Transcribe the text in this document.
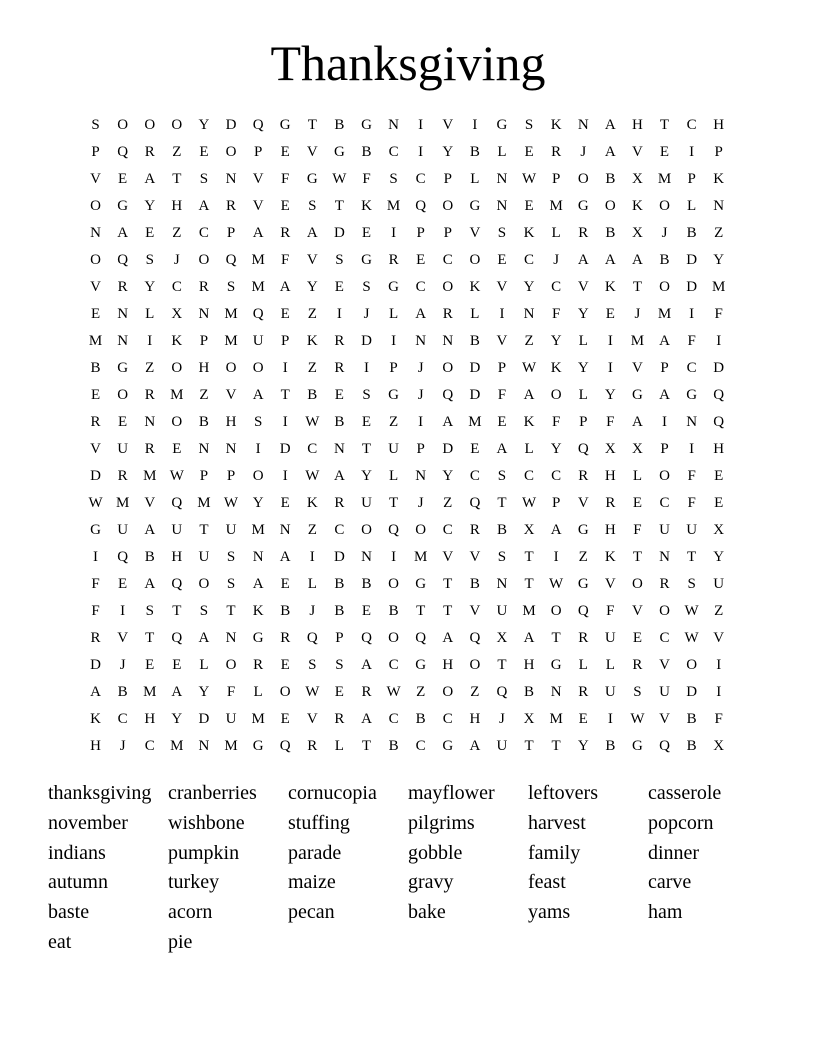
Thanksgiving
S	O	O	O	Y	D	Q	G	T	B	G	N	I	V	I	G	S	K	N	A	H	T	C	H
P	Q	R	Z	E	O	P	E	V	G	B	C	I	Y	B	L	E	R	J	A	V	E	I	P
V	E	A	T	S	N	V	F	G W	F	S	C	P	L	N W	P	O	B	X	M	P	K
O	G	Y	H	A	R	V	E	S	T	K	M	Q	O	G	N	E	M	G	O	K	O	L	N
N	A	E	Z	C	P	A	R	A	D	E	I	P	P	V	S	K	L	R	B	X	J	B	Z
O	Q	S	J	O	Q	M	F	V	S	G	R	E	C	O	E	C	J	A	A	A	B	D	Y
V	R	Y	C	R	S	M	A	Y	E	S	G	C	O	K	V	Y	C	V	K	T	O	D	M
E	N	L	X	N	M	Q	E	Z	I	J	L	A	R	L	I	N	F	Y	E	J	M	I	F
M	N	I	K	P	M	U	P	K	R	D	I	N	N	B	V	Z	Y	L	I	M	A	F	I
B	G	Z	O	H	O	O	I	Z	R	I	P	J	O	D	P	W K	Y	I	V	P	C	D
E	O	R	M	Z	V	A	T	B	E	S	G	J	Q	D	F	A	O	L	Y	G	A	G	Q
R	E	N	O	B	H	S	I	W	B	E	Z	I	A	M	E	K	F	P	F	A	I	N	Q
V	U	R	E	N	N	I	D	C	N	T	U	P	D	E	A	L	Y	Q	X	X	P	I	H
D	R	M W	P	P	O	I	W A	Y	L	N	Y	C	S	C	C	R	H	L	O	F	E
W M	V	Q	M W Y	E	K	R	U	T	J	Z	Q	T	W	P	V	R	E	C	F	E
G	U	A	U	T	U	M	N	Z	C	O	Q	O	C	R	B	X	A	G	H	F	U	U	X
I	Q	B	H	U	S	N	A	I	D	N	I	M	V	V	S	T	I	Z	K	T	N	T	Y
F	E	A	Q	O	S	A	E	L	B	B	O	G	T	B	N	T	W G	V	O	R	S	U
F	I	S	T	S	T	K	B	J	B	E	B	T	T	V	U	M	O	Q	F	V	O W	Z
R	V	T	Q	A	N	G	R	Q	P	Q	O	Q	A	Q	X	A	T	R	U	E	C	W V
D	J	E	E	L	O	R	E	S	S	A	C	G	H	O	T	H	G	L	L	R	V	O	I
A	B	M	A	Y	F	L	O W	E	R	W	Z	O	Z	Q	B	N	R	U	S	U	D	I
K	C	H	Y	D	U	M	E	V	R	A	C	B	C	H	J	X	M	E	I	W V	B	F
H	J	C	M	N	M	G	Q	R	L	T	B	C	G	A	U	T	T	Y	B	G	Q	B	X
thanksgiving cranberries	cornucopia	mayflower	leftovers	casserole
november	wishbone	stuffing	pilgrims	harvest	popcorn
indians	pumpkin	parade	gobble	family	dinner
autumn	turkey	maize	gravy	feast	carve
baste	acorn	pecan	bake	yams	ham
eat	pie
